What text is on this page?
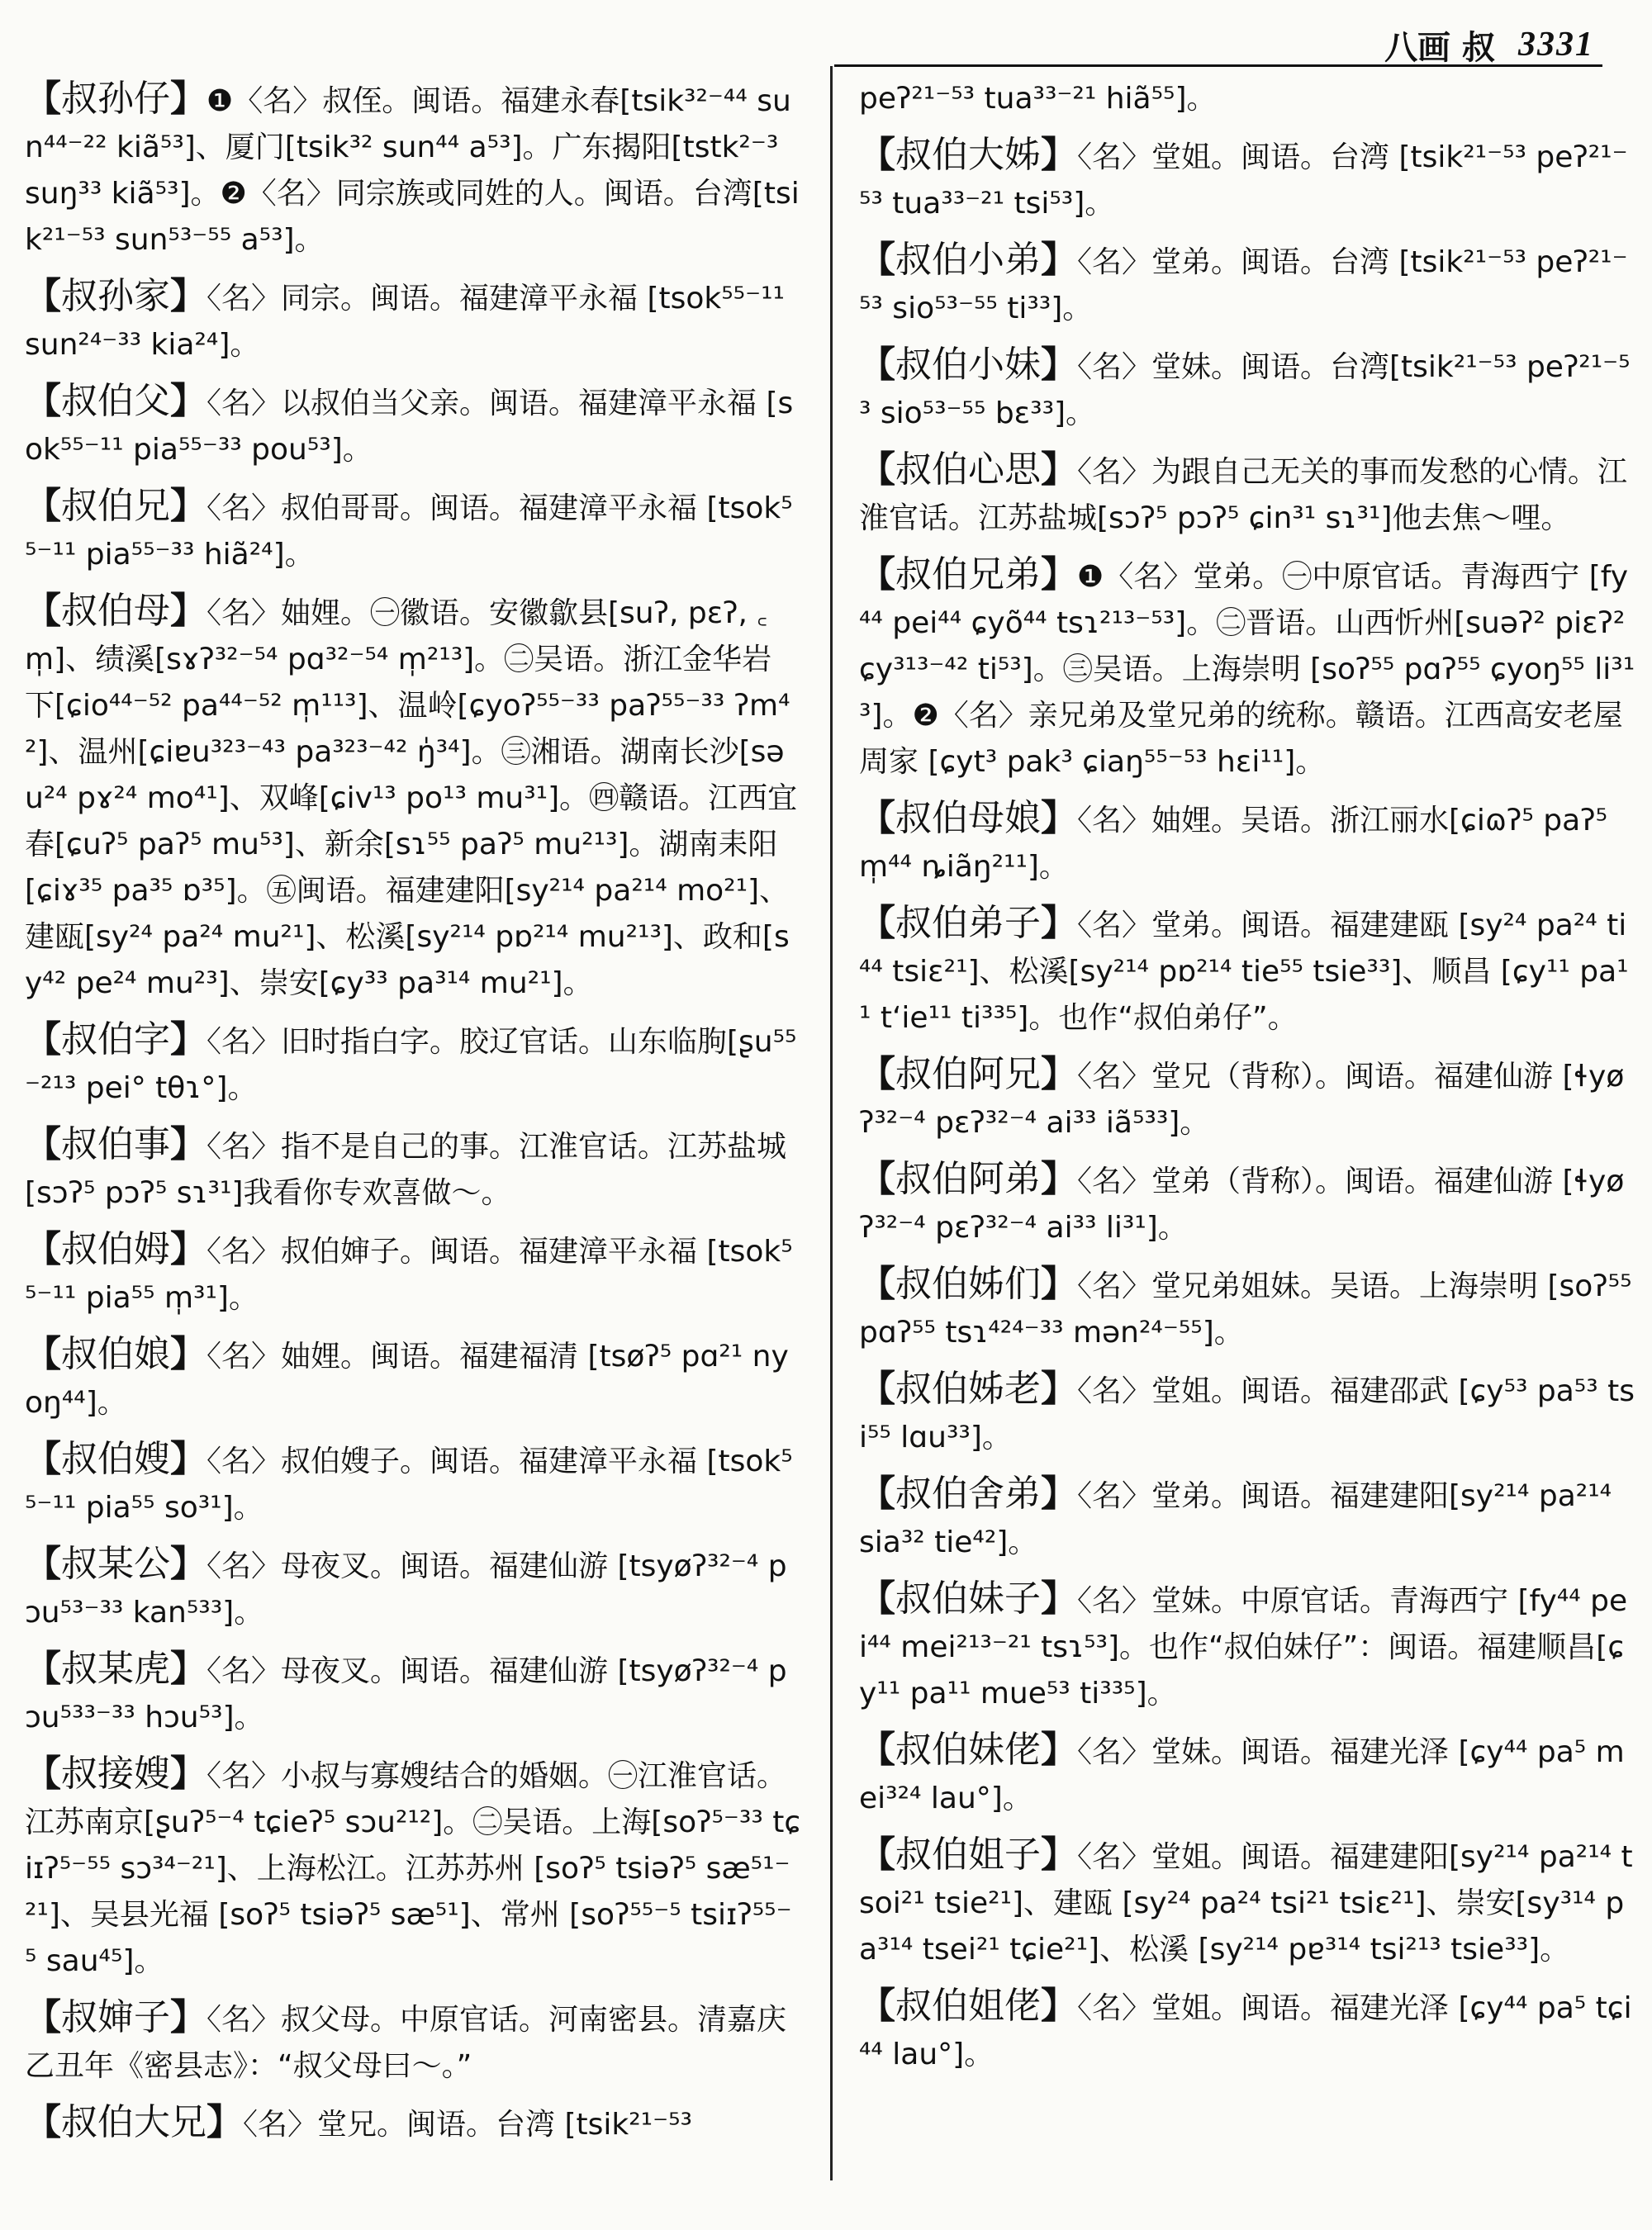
八画 叔 3331
【叔孙仔】❶〈名〉叔侄。闽语。福建永春[tsik³²⁻⁴⁴ sun⁴⁴⁻²² kiã⁵³]、厦门[tsik³² sun⁴⁴ a⁵³]。广东揭阳[tstk²⁻³ suŋ³³ kiã⁵³]。❷〈名〉同宗族或同姓的人。闽语。台湾[tsik²¹⁻⁵³ sun⁵³⁻⁵⁵ a⁵³]。
【叔孙家】〈名〉同宗。闽语。福建漳平永福 [tsok⁵⁵⁻¹¹ sun²⁴⁻³³ kia²⁴]。
【叔伯父】〈名〉以叔伯当父亲。闽语。福建漳平永福 [sok⁵⁵⁻¹¹ pia⁵⁵⁻³³ pou⁵³]。
【叔伯兄】〈名〉叔伯哥哥。闽语。福建漳平永福 [tsok⁵⁵⁻¹¹ pia⁵⁵⁻³³ hiã²⁴]。
【叔伯母】〈名〉妯娌。㊀徽语。安徽歙县[suʔ, pɛʔ, ꜀m̩]、绩溪[sɤʔ³²⁻⁵⁴ pɑ³²⁻⁵⁴ m̩²¹³]。㊁吴语。浙江金华岩下[ɕio⁴⁴⁻⁵² pa⁴⁴⁻⁵² m̩¹¹³]、温岭[ɕyoʔ⁵⁵⁻³³ paʔ⁵⁵⁻³³ ʔm⁴²]、温州[ɕiɐu³²³⁻⁴³ pa³²³⁻⁴² ŋ̍³⁴]。㊂湘语。湖南长沙[səu²⁴ pɤ²⁴ mo⁴¹]、双峰[ɕiv¹³ po¹³ mu³¹]。㊃赣语。江西宜春[ɕuʔ⁵ paʔ⁵ mu⁵³]、新余[sɿ⁵⁵ paʔ⁵ mu²¹³]。湖南耒阳[ɕiɤ³⁵ pa³⁵ ɒ³⁵]。㊄闽语。福建建阳[sy²¹⁴ pa²¹⁴ mo²¹]、建瓯[sy²⁴ pa²⁴ mu²¹]、松溪[sy²¹⁴ pɒ²¹⁴ mu²¹³]、政和[sy⁴² pe²⁴ mu²³]、崇安[ɕy³³ pa³¹⁴ mu²¹]。
【叔伯字】〈名〉旧时指白字。胶辽官话。山东临朐[ʂu⁵⁵⁻²¹³ pei° tθɿ°]。
【叔伯事】〈名〉指不是自己的事。江淮官话。江苏盐城[sɔʔ⁵ pɔʔ⁵ sɿ³¹]我看你专欢喜做～。
【叔伯姆】〈名〉叔伯婶子。闽语。福建漳平永福 [tsok⁵⁵⁻¹¹ pia⁵⁵ m̩³¹]。
【叔伯娘】〈名〉妯娌。闽语。福建福清 [tsøʔ⁵ pɑ²¹ nyoŋ⁴⁴]。
【叔伯嫂】〈名〉叔伯嫂子。闽语。福建漳平永福 [tsok⁵⁵⁻¹¹ pia⁵⁵ so³¹]。
【叔某公】〈名〉母夜叉。闽语。福建仙游 [tsyøʔ³²⁻⁴ pɔu⁵³⁻³³ kan⁵³³]。
【叔某虎】〈名〉母夜叉。闽语。福建仙游 [tsyøʔ³²⁻⁴ pɔu⁵³³⁻³³ hɔu⁵³]。
【叔接嫂】〈名〉小叔与寡嫂结合的婚姻。㊀江淮官话。江苏南京[ʂuʔ⁵⁻⁴ tɕieʔ⁵ sɔu²¹²]。㊁吴语。上海[soʔ⁵⁻³³ tɕiɪʔ⁵⁻⁵⁵ sɔ³⁴⁻²¹]、上海松江。江苏苏州 [soʔ⁵ tsiəʔ⁵ sæ⁵¹⁻²¹]、吴县光福 [soʔ⁵ tsiəʔ⁵ sæ⁵¹]、常州 [soʔ⁵⁵⁻⁵ tsiɪʔ⁵⁵⁻⁵ sau⁴⁵]。
【叔婶子】〈名〉叔父母。中原官话。河南密县。清嘉庆乙丑年《密县志》：“叔父母曰～。”
【叔伯大兄】〈名〉堂兄。闽语。台湾 [tsik²¹⁻⁵³
peʔ²¹⁻⁵³ tua³³⁻²¹ hiã⁵⁵]。
【叔伯大姊】〈名〉堂姐。闽语。台湾 [tsik²¹⁻⁵³ peʔ²¹⁻⁵³ tua³³⁻²¹ tsi⁵³]。
【叔伯小弟】〈名〉堂弟。闽语。台湾 [tsik²¹⁻⁵³ peʔ²¹⁻⁵³ sio⁵³⁻⁵⁵ ti³³]。
【叔伯小妹】〈名〉堂妹。闽语。台湾[tsik²¹⁻⁵³ peʔ²¹⁻⁵³ sio⁵³⁻⁵⁵ bɛ³³]。
【叔伯心思】〈名〉为跟自己无关的事而发愁的心情。江淮官话。江苏盐城[sɔʔ⁵ pɔʔ⁵ ɕin³¹ sɿ³¹]他去焦～哩。
【叔伯兄弟】❶〈名〉堂弟。㊀中原官话。青海西宁 [fy⁴⁴ pei⁴⁴ ɕyõ⁴⁴ tsɿ²¹³⁻⁵³]。㊁晋语。山西忻州[suəʔ² piɛʔ² ɕy³¹³⁻⁴² ti⁵³]。㊂吴语。上海崇明 [soʔ⁵⁵ pɑʔ⁵⁵ ɕyoŋ⁵⁵ li³¹³]。❷〈名〉亲兄弟及堂兄弟的统称。赣语。江西高安老屋周家 [ɕyt³ pak³ ɕiaŋ⁵⁵⁻⁵³ hɛi¹¹]。
【叔伯母娘】〈名〉妯娌。吴语。浙江丽水[ɕiɷʔ⁵ paʔ⁵ m̩⁴⁴ ȵiãŋ²¹¹]。
【叔伯弟子】〈名〉堂弟。闽语。福建建瓯 [sy²⁴ pa²⁴ ti⁴⁴ tsiɛ²¹]、松溪[sy²¹⁴ pɒ²¹⁴ tie⁵⁵ tsie³³]、顺昌 [ɕy¹¹ pa¹¹ tʻie¹¹ ti³³⁵]。也作“叔伯弟仔”。
【叔伯阿兄】〈名〉堂兄（背称）。闽语。福建仙游 [ɬyøʔ³²⁻⁴ pɛʔ³²⁻⁴ ai³³ iã⁵³³]。
【叔伯阿弟】〈名〉堂弟（背称）。闽语。福建仙游 [ɬyøʔ³²⁻⁴ pɛʔ³²⁻⁴ ai³³ li³¹]。
【叔伯姊们】〈名〉堂兄弟姐妹。吴语。上海崇明 [soʔ⁵⁵ pɑʔ⁵⁵ tsɿ⁴²⁴⁻³³ mən²⁴⁻⁵⁵]。
【叔伯姊老】〈名〉堂姐。闽语。福建邵武 [ɕy⁵³ pa⁵³ tsi⁵⁵ lɑu³³]。
【叔伯舍弟】〈名〉堂弟。闽语。福建建阳[sy²¹⁴ pa²¹⁴ sia³² tie⁴²]。
【叔伯妹子】〈名〉堂妹。中原官话。青海西宁 [fy⁴⁴ pei⁴⁴ mei²¹³⁻²¹ tsɿ⁵³]。也作“叔伯妹仔”：闽语。福建顺昌[ɕy¹¹ pa¹¹ mue⁵³ ti³³⁵]。
【叔伯妹佬】〈名〉堂妹。闽语。福建光泽 [ɕy⁴⁴ pa⁵ mei³²⁴ lau°]。
【叔伯姐子】〈名〉堂姐。闽语。福建建阳[sy²¹⁴ pa²¹⁴ tsoi²¹ tsie²¹]、建瓯 [sy²⁴ pa²⁴ tsi²¹ tsiɛ²¹]、崇安[sy³¹⁴ pa³¹⁴ tsei²¹ tɕie²¹]、松溪 [sy²¹⁴ pɐ³¹⁴ tsi²¹³ tsie³³]。
【叔伯姐佬】〈名〉堂姐。闽语。福建光泽 [ɕy⁴⁴ pa⁵ tɕi⁴⁴ lau°]。
